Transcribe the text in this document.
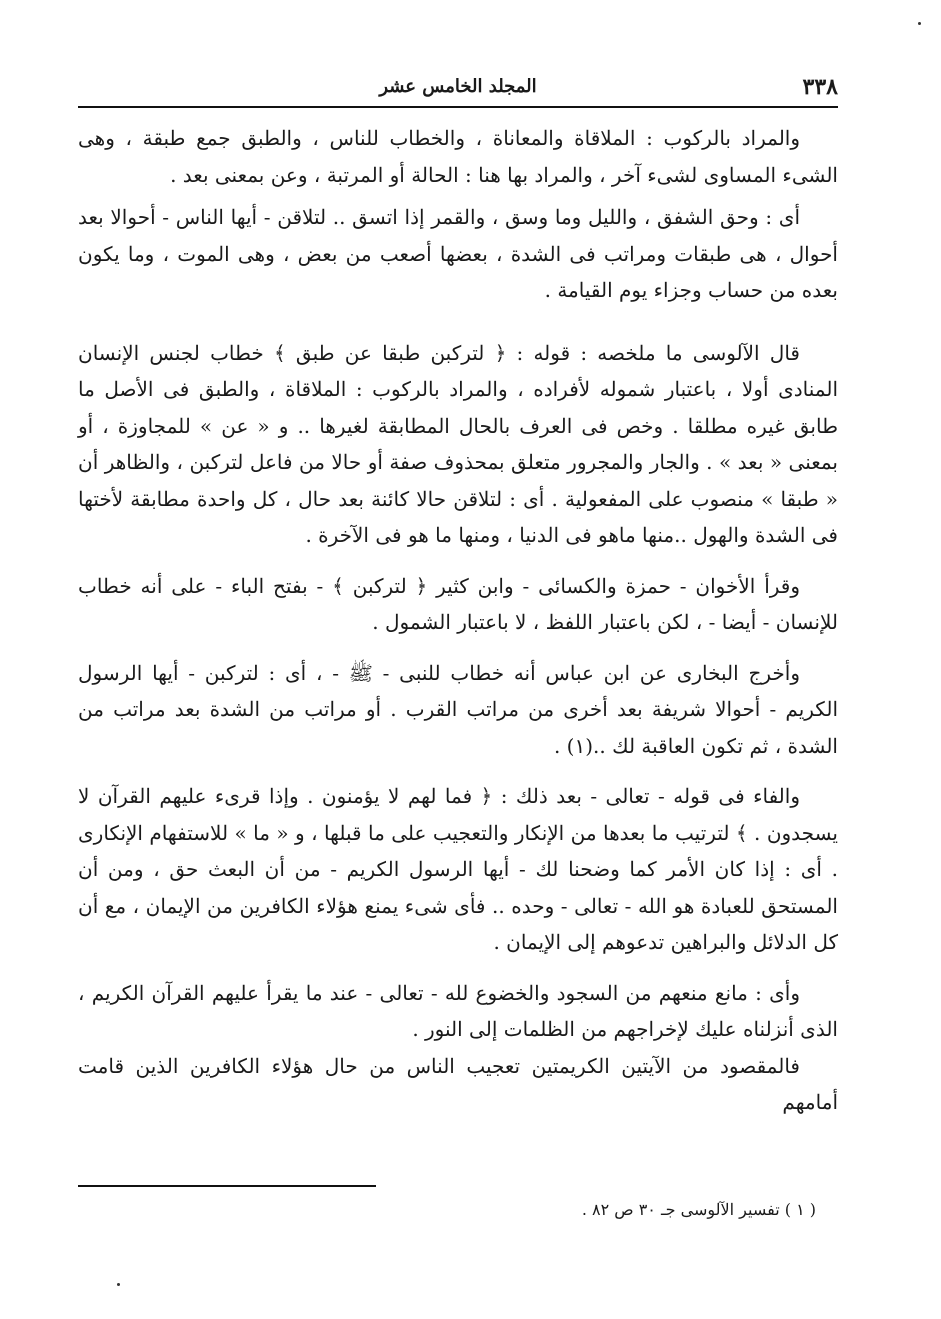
٣٣٨
المجلد الخامس عشر

والمراد بالركوب : الملاقاة والمعاناة ، والخطاب للناس ، والطبق جمع طبقة ، وهى الشىء المساوى لشىء آخر ، والمراد بها هنا : الحالة أو المرتبة ، وعن بمعنى بعد .

أى : وحق الشفق ، والليل وما وسق ، والقمر إذا اتسق .. لتلاقن - أيها الناس - أحوالا بعد أحوال ، هى طبقات ومراتب فى الشدة ، بعضها أصعب من بعض ، وهى الموت ، وما يكون بعده من حساب وجزاء يوم القيامة .

قال الآلوسى ما ملخصه : قوله : ﴿ لتركبن طبقا عن طبق ﴾ خطاب لجنس الإنسان المنادى أولا ، باعتبار شموله لأفراده ، والمراد بالركوب : الملاقاة ، والطبق فى الأصل ما طابق غيره مطلقا . وخص فى العرف بالحال المطابقة لغيرها .. و « عن » للمجاوزة ، أو بمعنى « بعد » . والجار والمجرور متعلق بمحذوف صفة أو حالا من فاعل لتركبن ، والظاهر أن « طبقا » منصوب على المفعولية . أى : لتلاقن حالا كائنة بعد حال ، كل واحدة مطابقة لأختها فى الشدة والهول ..منها ماهو فى الدنيا ، ومنها ما هو فى الآخرة .

وقرأ الأخوان - حمزة والكسائى - وابن كثير ﴿ لتركبن ﴾ - بفتح الباء - على أنه خطاب للإنسان - أيضا - ، لكن باعتبار اللفظ ، لا باعتبار الشمول .

وأخرج البخارى عن ابن عباس أنه خطاب للنبى - ﷺ - ، أى : لتركبن - أيها الرسول الكريم - أحوالا شريفة بعد أخرى من مراتب القرب . أو مراتب من الشدة بعد مراتب من الشدة ، ثم تكون العاقبة لك ..(١) .

والفاء فى قوله - تعالى - بعد ذلك : ﴿ فما لهم لا يؤمنون . وإذا قرىء عليهم القرآن لا يسجدون . ﴾ لترتيب ما بعدها من الإنكار والتعجيب على ما قبلها ، و « ما » للاستفهام الإنكارى . أى : إذا كان الأمر كما وضحنا لك - أيها الرسول الكريم - من أن البعث حق ، ومن أن المستحق للعبادة هو الله - تعالى - وحده .. فأى شىء يمنع هؤلاء الكافرين من الإيمان ، مع أن كل الدلائل والبراهين تدعوهم إلى الإيمان .

وأى : مانع منعهم من السجود والخضوع لله - تعالى - عند ما يقرأ عليهم القرآن الكريم ، الذى أنزلناه عليك لإخراجهم من الظلمات إلى النور .

فالمقصود من الآيتين الكريمتين تعجيب الناس من حال هؤلاء الكافرين الذين قامت أمامهم

( ١ ) تفسير الآلوسى جـ ٣٠ ص ٨٢ .
